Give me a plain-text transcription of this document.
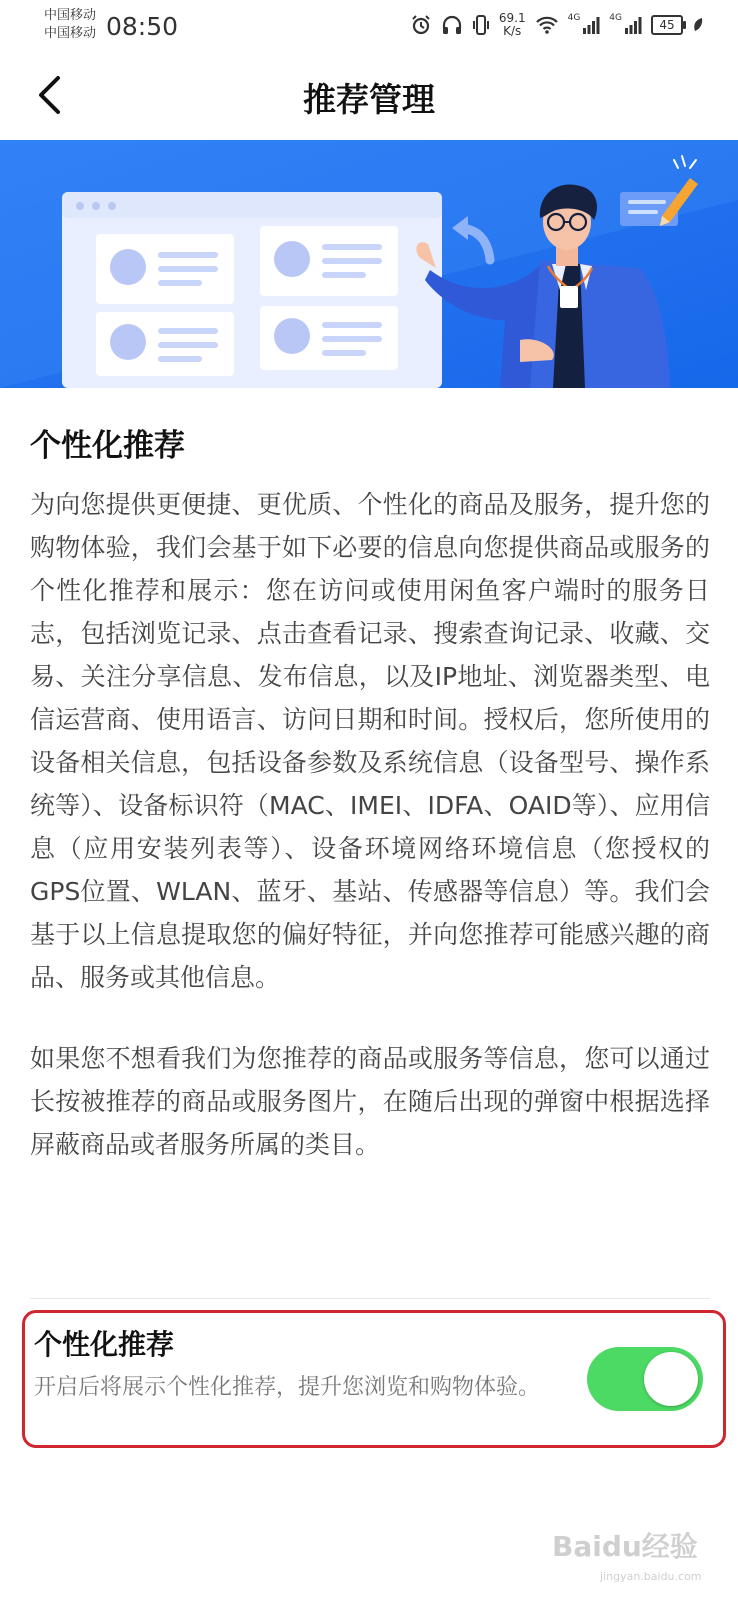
中国移动
中国移动 08:50	69.1
K/s
4G	4G	45
推荐管理
个性化推荐

为向您提供更便捷、更优质、个性化的商品及服务，提升您的购物体验，我们会基于如下必要的信息向您提供商品或服务的个性化推荐和展示：您在访问或使用闲鱼客户端时的服务日志，包括浏览记录、点击查看记录、搜索查询记录、收藏、交易、关注分享信息、发布信息，以及IP地址、浏览器类型、电信运营商、使用语言、访问日期和时间。授权后，您所使用的设备相关信息，包括设备参数及系统信息（设备型号、操作系统等）、设备标识符（MAC、IMEI、IDFA、OAID等）、应用信息（应用安装列表等）、设备环境网络环境信息（您授权的GPS位置、WLAN、蓝牙、基站、传感器等信息）等。我们会基于以上信息提取您的偏好特征，并向您推荐可能感兴趣的商品、服务或其他信息。

如果您不想看我们为您推荐的商品或服务等信息，您可以通过长按被推荐的商品或服务图片，在随后出现的弹窗中根据选择屏蔽商品或者服务所属的类目。

个性化推荐
开启后将展示个性化推荐，提升您浏览和购物体验。
Baidu经验
jingyan.baidu.com
